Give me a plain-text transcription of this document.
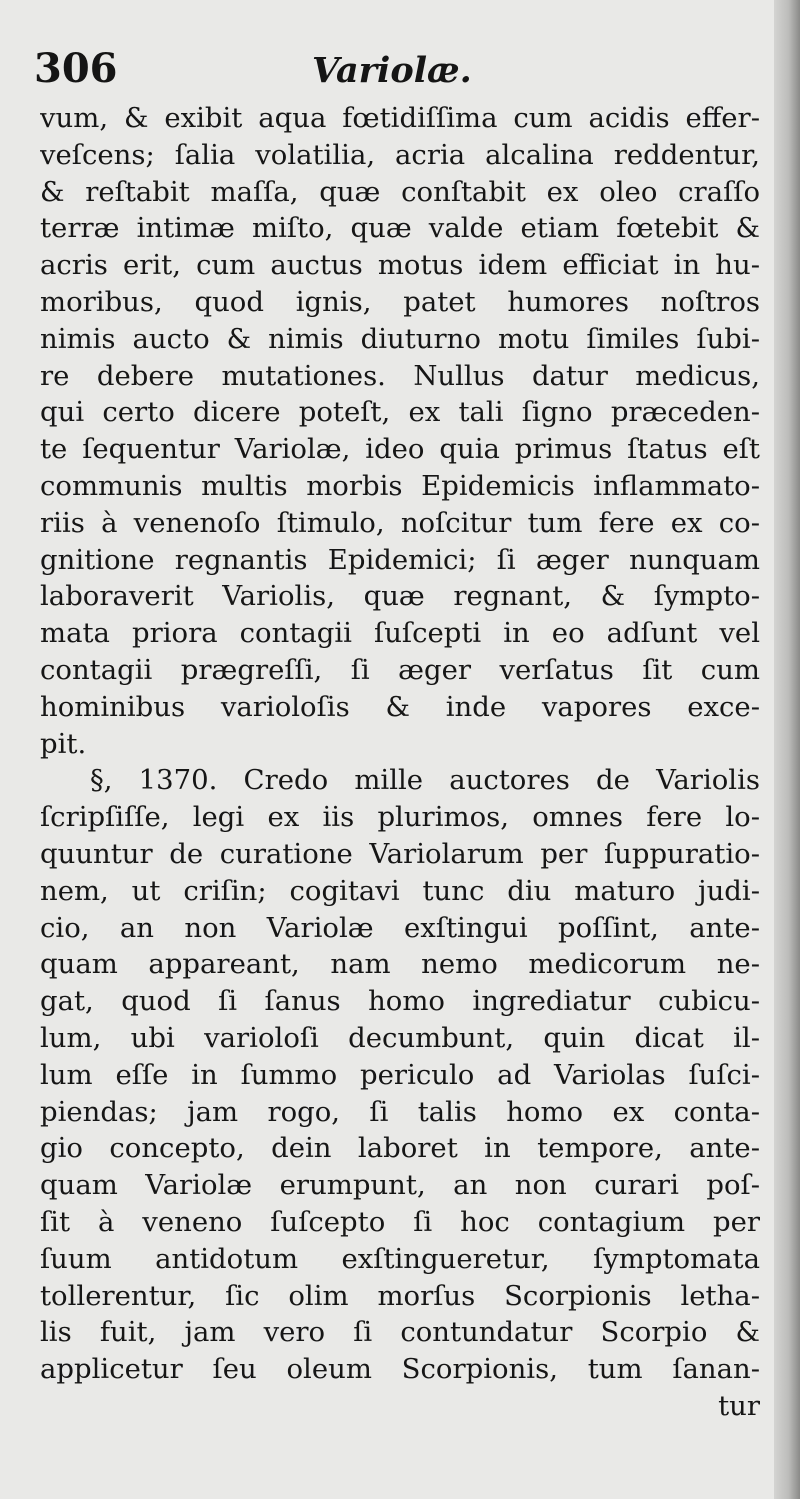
306	Variolæ.
vum, & exibit aqua fœtidiſſima cum acidis effer-
veſcens; ſalia volatilia, acria alcalina reddentur,
& reſtabit maſſa, quæ conſtabit ex oleo craſſo
terræ intimæ miſto, quæ valde etiam fœtebit &
acris erit, cum auctus motus idem efficiat in hu-
moribus, quod ignis, patet humores noſtros
nimis aucto & nimis diuturno motu ſimiles ſubi-
re debere mutationes. Nullus datur medicus,
qui certo dicere poteſt, ex tali ſigno præceden-
te ſequentur Variolæ, ideo quia primus ſtatus eſt
communis multis morbis Epidemicis inflammato-
riis à venenoſo ſtimulo, noſcitur tum fere ex co-
gnitione regnantis Epidemici; ſi æger nunquam
laboraverit Variolis, quæ regnant, & ſympto-
mata priora contagii ſuſcepti in eo adſunt vel
contagii prægreſſi, ſi æger verſatus ſit cum
hominibus varioloſis & inde vapores exce-
pit.
§, 1370. Credo mille auctores de Variolis
ſcripſiſſe, legi ex iis plurimos, omnes fere lo-
quuntur de curatione Variolarum per ſuppuratio-
nem, ut criſin; cogitavi tunc diu maturo judi-
cio, an non Variolæ exſtingui poſſint, ante-
quam appareant, nam nemo medicorum ne-
gat, quod ſi ſanus homo ingrediatur cubicu-
lum, ubi varioloſi decumbunt, quin dicat il-
lum eſſe in ſummo periculo ad Variolas ſuſci-
piendas; jam rogo, ſi talis homo ex conta-
gio concepto, dein laboret in tempore, ante-
quam Variolæ erumpunt, an non curari poſ-
ſit à veneno ſuſcepto ſi hoc contagium per
ſuum antidotum exſtingueretur, ſymptomata
tollerentur, ſic olim morſus Scorpionis letha-
lis fuit, jam vero ſi contundatur Scorpio &
applicetur ſeu oleum Scorpionis, tum ſanan-
tur
